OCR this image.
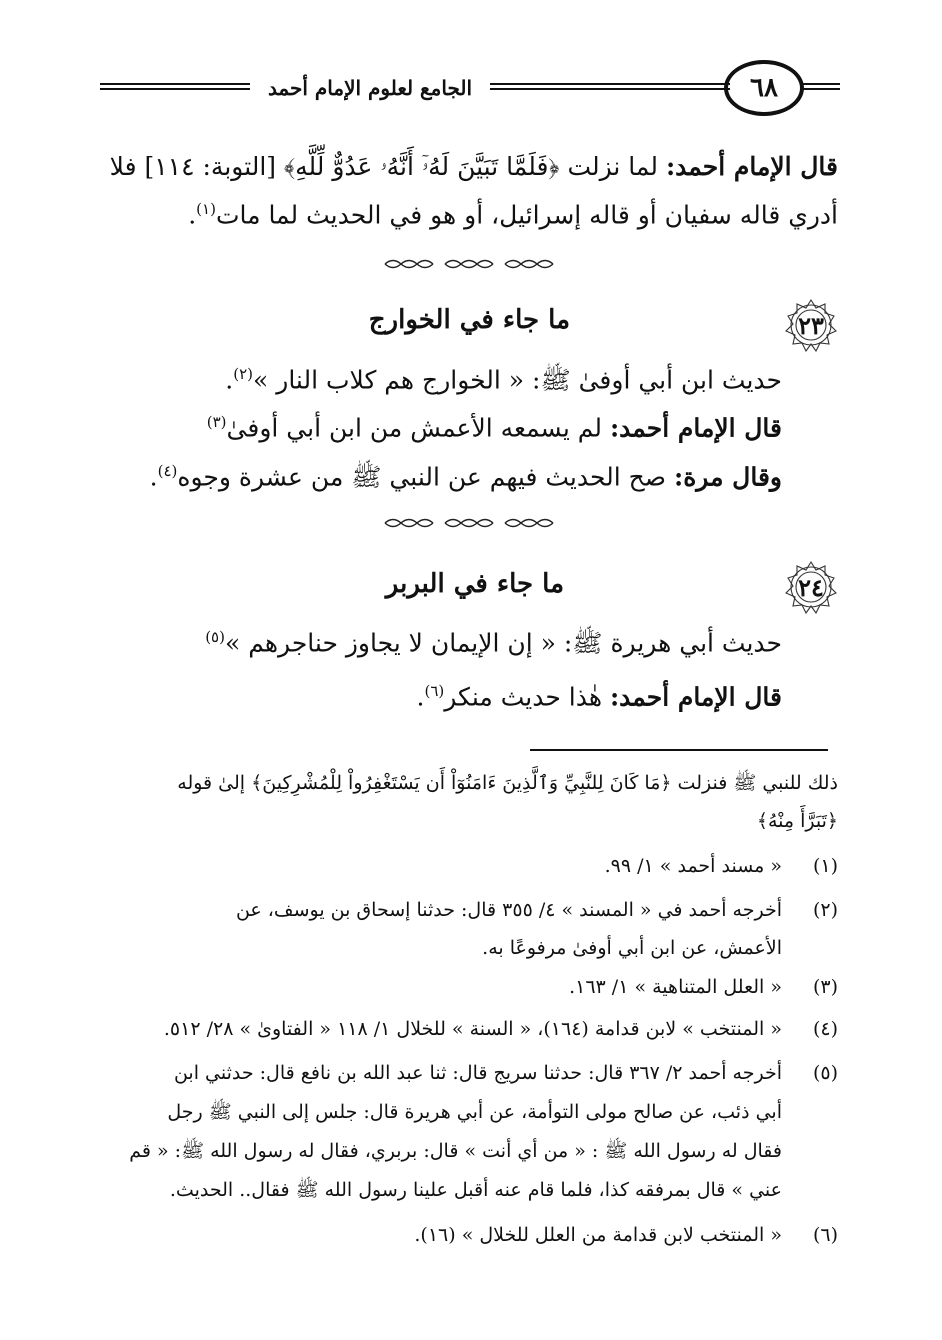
الجامع لعلوم الإمام أحمد	٦٨
قال الإمام أحمد: لما نزلت ﴿فَلَمَّا تَبَيَّنَ لَهُۥٓ أَنَّهُۥ عَدُوٌّ لِّلَّهِ﴾ [التوبة: ١١٤] فلا
أدري قاله سفيان أو قاله إسرائيل، أو هو في الحديث لما مات$^{(١)}$.
٢٣
ما جاء في الخوارج
حديث ابن أبي أوفىٰ ﷺ: « الخوارج هم كلاب النار »$^{(٢)}$.
قال الإمام أحمد: لم يسمعه الأعمش من ابن أبي أوفىٰ$^{(٣)}$
وقال مرة: صح الحديث فيهم عن النبي ﷺ من عشرة وجوه$^{(٤)}$.
٢٤
ما جاء في البربر
حديث أبي هريرة ﷺ: « إن الإيمان لا يجاوز حناجرهم »$^{(٥)}$
قال الإمام أحمد: هٰذا حديث منكر$^{(٦)}$.
ذلك للنبي ﷺ فنزلت ﴿مَا كَانَ لِلنَّبِيِّ وَٱلَّذِينَ ءَامَنُوٓاْ أَن يَسْتَغْفِرُواْ لِلْمُشْرِكِينَ﴾ إلىٰ قوله
﴿تَبَرَّأَ مِنْهُ﴾
(١)
« مسند أحمد » ١/ ٩٩.
(٢)
أخرجه أحمد في « المسند » ٤/ ٣٥٥ قال: حدثنا إسحاق بن يوسف، عن
الأعمش، عن ابن أبي أوفىٰ مرفوعًا به.
(٣)
« العلل المتناهية » ١/ ١٦٣.
(٤)
« المنتخب » لابن قدامة (١٦٤)، « السنة » للخلال ١/ ١١٨ « الفتاوىٰ » ٢٨/ ٥١٢.
(٥)
أخرجه أحمد ٢/ ٣٦٧ قال: حدثنا سريج قال: ثنا عبد الله بن نافع قال: حدثني ابن
أبي ذئب، عن صالح مولى التوأمة، عن أبي هريرة قال: جلس إلى النبي ﷺ رجل
فقال له رسول الله ﷺ : « من أي أنت » قال: بربري، فقال له رسول الله ﷺ: « قم
عني » قال بمرفقه كذا، فلما قام عنه أقبل علينا رسول الله ﷺ فقال.. الحديث.
(٦)
« المنتخب لابن قدامة من العلل للخلال » (١٦).
